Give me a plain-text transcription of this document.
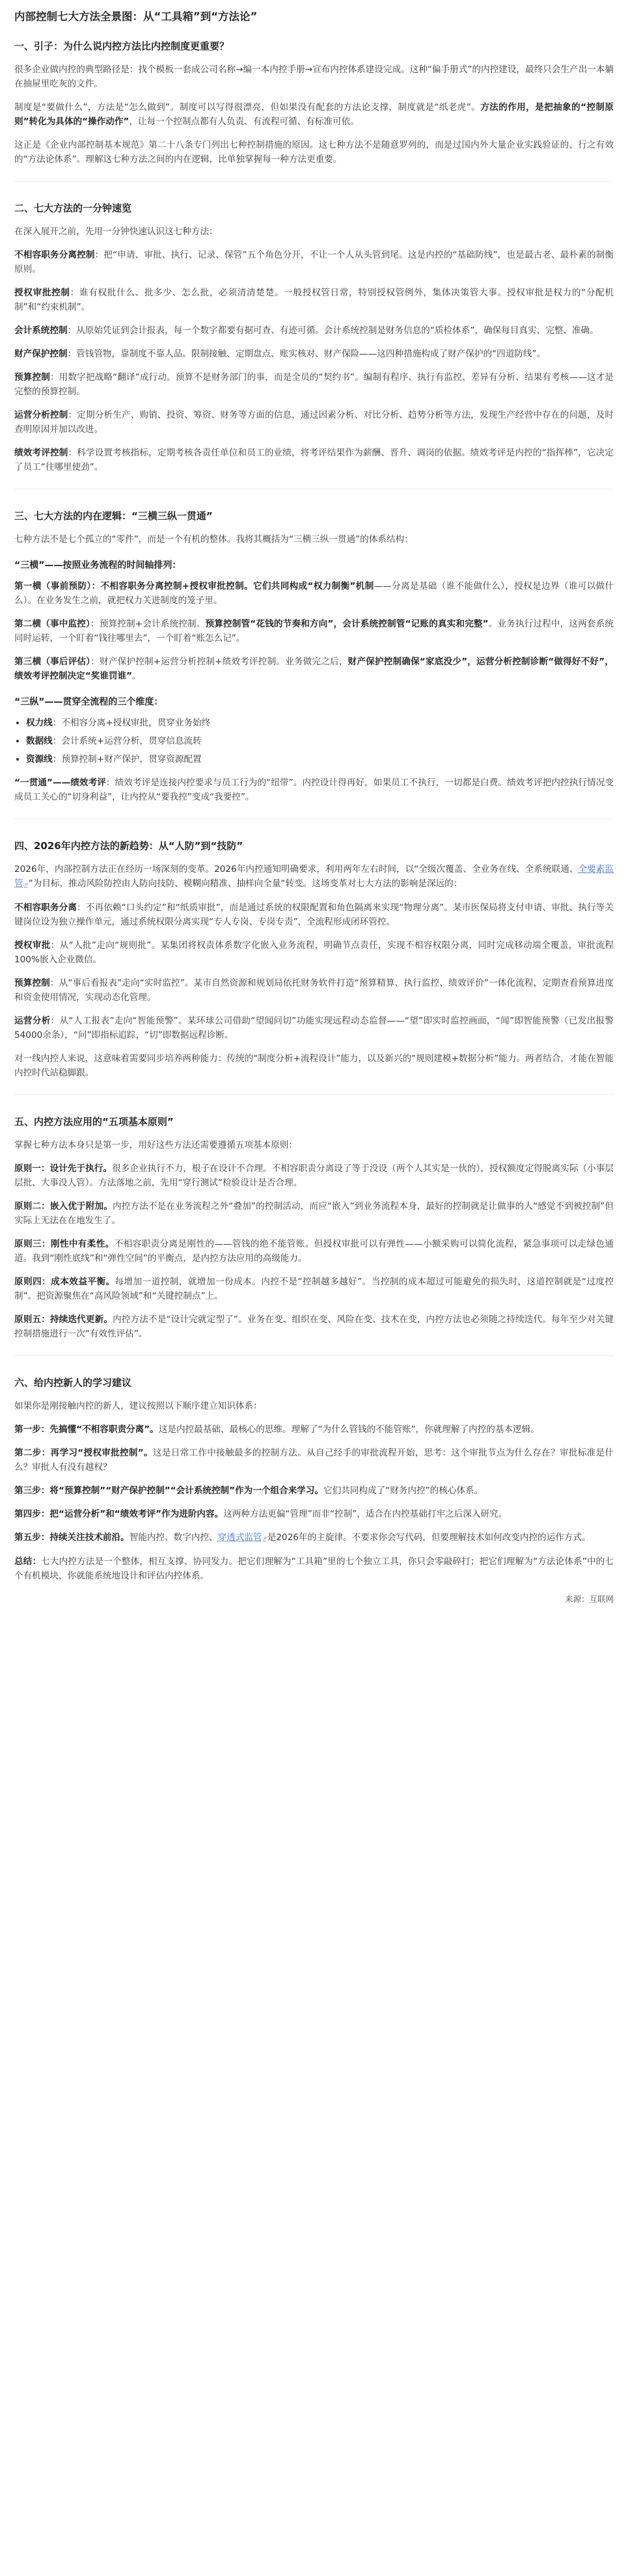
内部控制七大方法全景图：从“工具箱”到“方法论”
一、引子：为什么说内控方法比内控制度更重要？

很多企业做内控的典型路径是：找个模板一套成公司名称→编一本内控手册→宣布内控体系建设完成。这种“偏手册式”的内控建设，最终只会生产出一本躺在抽屉里吃灰的文件。

制度是“要做什么”，方法是“怎么做到”。制度可以写得很漂亮，但如果没有配套的方法论支撑，制度就是“纸老虎”。方法的作用，是把抽象的“控制原则”转化为具体的“操作动作”，让每一个控制点都有人负责、有流程可循、有标准可依。

这正是《企业内部控制基本规范》第二十八条专门列出七种控制措施的原因。这七种方法不是随意罗列的，而是过国内外大量企业实践验证的、行之有效的“方法论体系”。理解这七种方法之间的内在逻辑，比单独掌握每一种方法更重要。

二、七大方法的一分钟速览

在深入展开之前，先用一分钟快速认识这七种方法：

不相容职务分离控制：把“申请、审批、执行、记录、保管”五个角色分开，不让一个人从头管到尾。这是内控的“基础防线”，也是最古老、最朴素的制衡原则。

授权审批控制：谁有权批什么、批多少、怎么批，必须清清楚楚。一般授权管日常，特别授权管例外，集体决策管大事。授权审批是权力的“分配机制”和“约束机制”。

会计系统控制：从原始凭证到会计报表，每一个数字都要有据可查、有迹可循。会计系统控制是财务信息的“质检体系”，确保每目真实、完整、准确。

财产保护控制：管钱管物，靠制度不靠人品。限制接触、定期盘点、账实核对、财产保险——这四种措施构成了财产保护的“四道防线”。

预算控制：用数字把战略“翻译”成行动。预算不是财务部门的事，而是全员的“契约书”。编制有程序、执行有监控、差异有分析、结果有考核——这才是完整的预算控制。

运营分析控制：定期分析生产、购销、投资、筹资、财务等方面的信息，通过因素分析、对比分析、趋势分析等方法，发现生产经营中存在的问题，及时查明原因并加以改进。

绩效考评控制：科学设置考核指标，定期考核各责任单位和员工的业绩，将考评结果作为薪酬、晋升、调岗的依据。绩效考评是内控的“指挥棒”，它决定了员工“往哪里使劲”。

三、七大方法的内在逻辑：“三横三纵一贯通”

七种方法不是七个孤立的“零件”，而是一个有机的整体。我将其概括为“三横三纵一贯通”的体系结构：

“三横”——按照业务流程的时间轴排列：

第一横（事前预防）：不相容职务分离控制+授权审批控制。它们共同构成“权力制衡”机制——分离是基础（谁不能做什么），授权是边界（谁可以做什么）。在业务发生之前，就把权力关进制度的笼子里。

第二横（事中监控）：预算控制+会计系统控制。预算控制管“花钱的节奏和方向”，会计系统控制管“记账的真实和完整”。业务执行过程中，这两套系统同时运转，一个盯着“钱往哪里去”，一个盯着“账怎么记”。

第三横（事后评估）：财产保护控制+运营分析控制+绩效考评控制。业务做完之后，财产保护控制确保“家底没少”，运营分析控制诊断“做得好不好”，绩效考评控制决定“奖谁罚谁”。

“三纵”——贯穿全流程的三个维度：
• 权力线：不相容分离+授权审批，贯穿业务始终
• 数据线：会计系统+运营分析，贯穿信息流转
• 资源线：预算控制+财产保护，贯穿资源配置

“一贯通”——绩效考评：绩效考评是连接内控要求与员工行为的“纽带”。内控设计得再好，如果员工不执行，一切都是白费。绩效考评把内控执行情况变成员工关心的“切身利益”，让内控从“要我控”变成“我要控”。

四、2026年内控方法的新趋势：从“人防”到“技防”

2026年，内部控制方法正在经历一场深刻的变革。2026年内控通知明确要求，利用两年左右时间，以“全级次覆盖、全业务在线、全系统联通、全要素监管 ⌕”为目标，推动风险防控由人防向技防、模糊向精准、抽样向全量“转变。这场变革对七大方法的影响是深远的：

不相容职务分离：不再依赖“口头约定”和“纸质审批”，而是通过系统的权限配置和角色隔离来实现“物理分离”。某市医保局将支付申请、审批、执行等关键岗位设为独立操作单元，通过系统权限分离实现“专人专岗、专岗专责”，全流程形成闭环管控。

授权审批：从“人批”走向“规则批”。某集团将权责体系数字化嵌入业务流程，明确节点责任，实现不相容权限分离，同时完成移动端全覆盖，审批流程100%嵌入企业微信。

预算控制：从“事后看报表”走向“实时监控”。某市自然资源和规划局依托财务软件打造“预算精算、执行监控、绩效评价”一体化流程，定期查看预算进度和资金使用情况，实现动态化管理。

运营分析：从“人工报表”走向“智能预警”。某环球公司借助“望闻问切”功能实现远程动态监督——“望”即实时监控画面，“闻”即智能预警（已发出报警54000余条），“问”即指标追踪，“切”即数据远程诊断。

对一线内控人来说，这意味着需要同步培养两种能力：传统的“制度分析+流程设计”能力，以及新兴的“规则建模+数据分析”能力。两者结合，才能在智能内控时代站稳脚跟。

五、内控方法应用的“五项基本原则”

掌握七种方法本身只是第一步，用好这些方法还需要遵循五项基本原则：

原则一：设计先于执行。很多企业执行不力，根子在设计不合理。不相容职责分离设了等于没设（两个人其实是一伙的），授权额度定得脱离实际（小事层层批、大事没人管）。方法落地之前，先用“穿行测试”检验设计是否合理。

原则二：嵌入优于附加。内控方法不是在业务流程之外“叠加”的控制活动，而应“嵌入”到业务流程本身，最好的控制就是让做事的人“感觉不到被控制”但实际上无法在在地发生了。

原则三：刚性中有柔性。不相容职责分离是刚性的——管钱的绝不能管账。但授权审批可以有弹性——小额采购可以简化流程，紧急事项可以走绿色通道。我到“刚性底线”和“弹性空间”的平衡点，是内控方法应用的高级能力。

原则四：成本效益平衡。每增加一道控制，就增加一份成本。内控不是“控制越多越好”。当控制的成本超过可能避免的损失时，这道控制就是“过度控制”。把资源聚焦在“高风险领域”和“关键控制点”上。

原则五：持续迭代更新。内控方法不是“设计完就定型了”。业务在变、组织在变、风险在变、技术在变，内控方法也必须随之持续迭代。每年至少对关键控制措施进行一次“有效性评估”。

六、给内控新人的学习建议

如果你是刚接触内控的新人，建议按照以下顺序建立知识体系：

第一步：先搞懂“不相容职责分离”。这是内控最基础、最核心的思维。理解了“为什么管钱的不能管账”，你就理解了内控的基本逻辑。

第二步：再学习“授权审批控制”。这是日常工作中接触最多的控制方法。从自己经手的审批流程开始，思考：这个审批节点为什么存在？审批标准是什么？审批人有没有越权？

第三步：将“预算控制”“财产保护控制”“会计系统控制”作为一个组合来学习。它们共同构成了“财务内控”的核心体系。

第四步：把“运营分析”和“绩效考评”作为进阶内容。这两种方法更偏“管理”而非“控制”，适合在内控基础打牢之后深入研究。

第五步：持续关注技术前沿。智能内控、数字内控、穿透式监管 ⌕是2026年的主旋律。不要求你会写代码，但要理解技术如何改变内控的运作方式。

总结：七大内控方法是一个整体，相互支撑、协同发力。把它们理解为“工具箱”里的七个独立工具，你只会零敲碎打；把它们理解为“方法论体系”中的七个有机模块，你就能系统地设计和评估内控体系。

来源：互联网
